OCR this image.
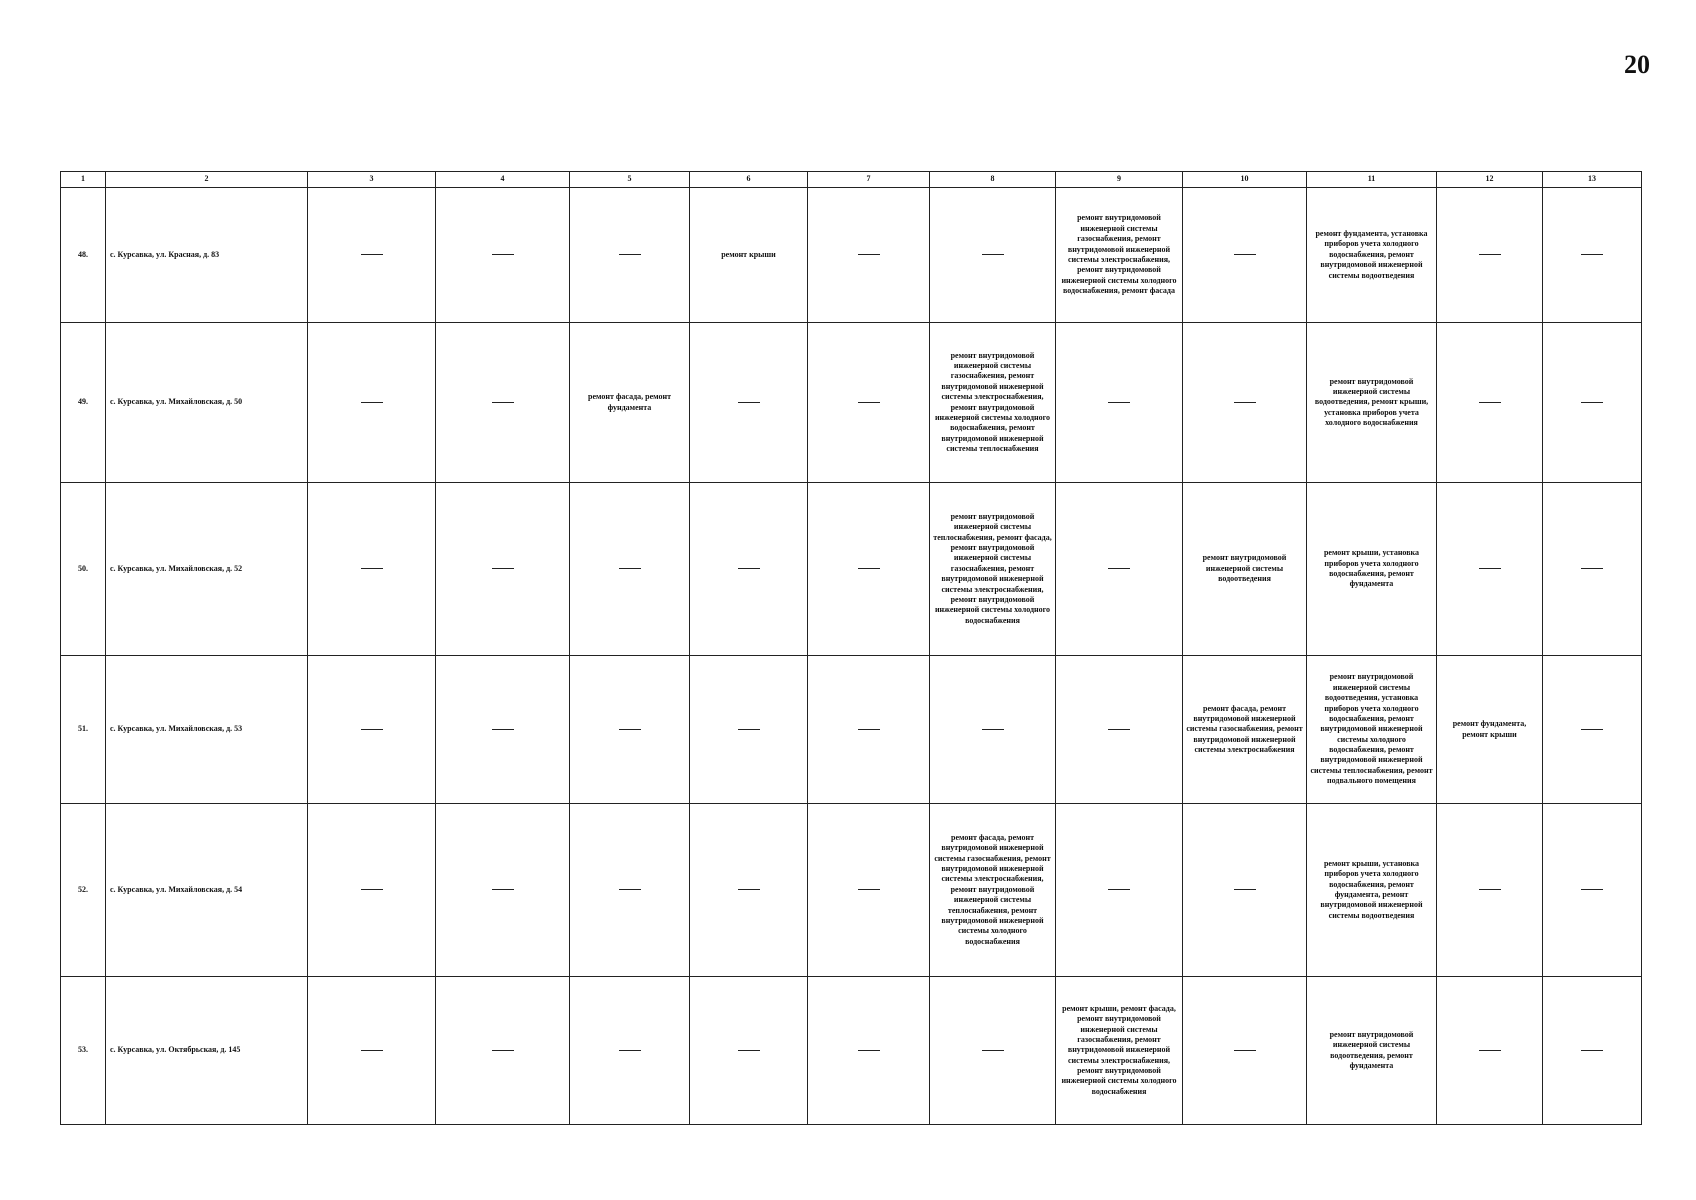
20
1	2	3	4	5	6	7	8	9	10	11	12	13
48.	с. Курсавка, ул. Красная, д. 83				ремонт крыши			ремонт внутридомовой инженерной системы газоснабжения, ремонт внутридомовой инженерной системы электроснабжения, ремонт внутридомовой инженерной системы холодного водоснабжения, ремонт фасада		ремонт фундамента, установка приборов учета холодного водоснабжения, ремонт внутридомовой инженерной системы водоотведения		
49.	с. Курсавка, ул. Михайловская, д. 50			ремонт фасада, ремонт фундамента			ремонт внутридомовой инженерной системы газоснабжения, ремонт внутридомовой инженерной системы электроснабжения, ремонт внутридомовой инженерной системы холодного водоснабжения, ремонт внутридомовой инженерной системы теплоснабжения			ремонт внутридомовой инженерной системы водоотведения, ремонт крыши, установка приборов учета холодного водоснабжения		
50.	с. Курсавка, ул. Михайловская, д. 52						ремонт внутридомовой инженерной системы теплоснабжения, ремонт фасада, ремонт внутридомовой инженерной системы газоснабжения, ремонт внутридомовой инженерной системы электроснабжения, ремонт внутридомовой инженерной системы холодного водоснабжения		ремонт внутридомовой инженерной системы водоотведения	ремонт крыши, установка приборов учета холодного водоснабжения, ремонт фундамента		
51.	с. Курсавка, ул. Михайловская, д. 53								ремонт фасада, ремонт внутридомовой инженерной системы газоснабжения, ремонт внутридомовой инженерной системы электроснабжения	ремонт внутридомовой инженерной системы водоотведения, установка приборов учета холодного водоснабжения, ремонт внутридомовой инженерной системы холодного водоснабжения, ремонт внутридомовой инженерной системы теплоснабжения, ремонт подвального помещения	ремонт фундамента, ремонт крыши	
52.	с. Курсавка, ул. Михайловская, д. 54						ремонт фасада, ремонт внутридомовой инженерной системы газоснабжения, ремонт внутридомовой инженерной системы электроснабжения, ремонт внутридомовой инженерной системы теплоснабжения, ремонт внутридомовой инженерной системы холодного водоснабжения			ремонт крыши, установка приборов учета холодного водоснабжения, ремонт фундамента, ремонт внутридомовой инженерной системы водоотведения		
53.	с. Курсавка, ул. Октябрьская, д. 145							ремонт крыши, ремонт фасада, ремонт внутридомовой инженерной системы газоснабжения, ремонт внутридомовой инженерной системы электроснабжения, ремонт внутридомовой инженерной системы холодного водоснабжения		ремонт внутридомовой инженерной системы водоотведения, ремонт фундамента		
